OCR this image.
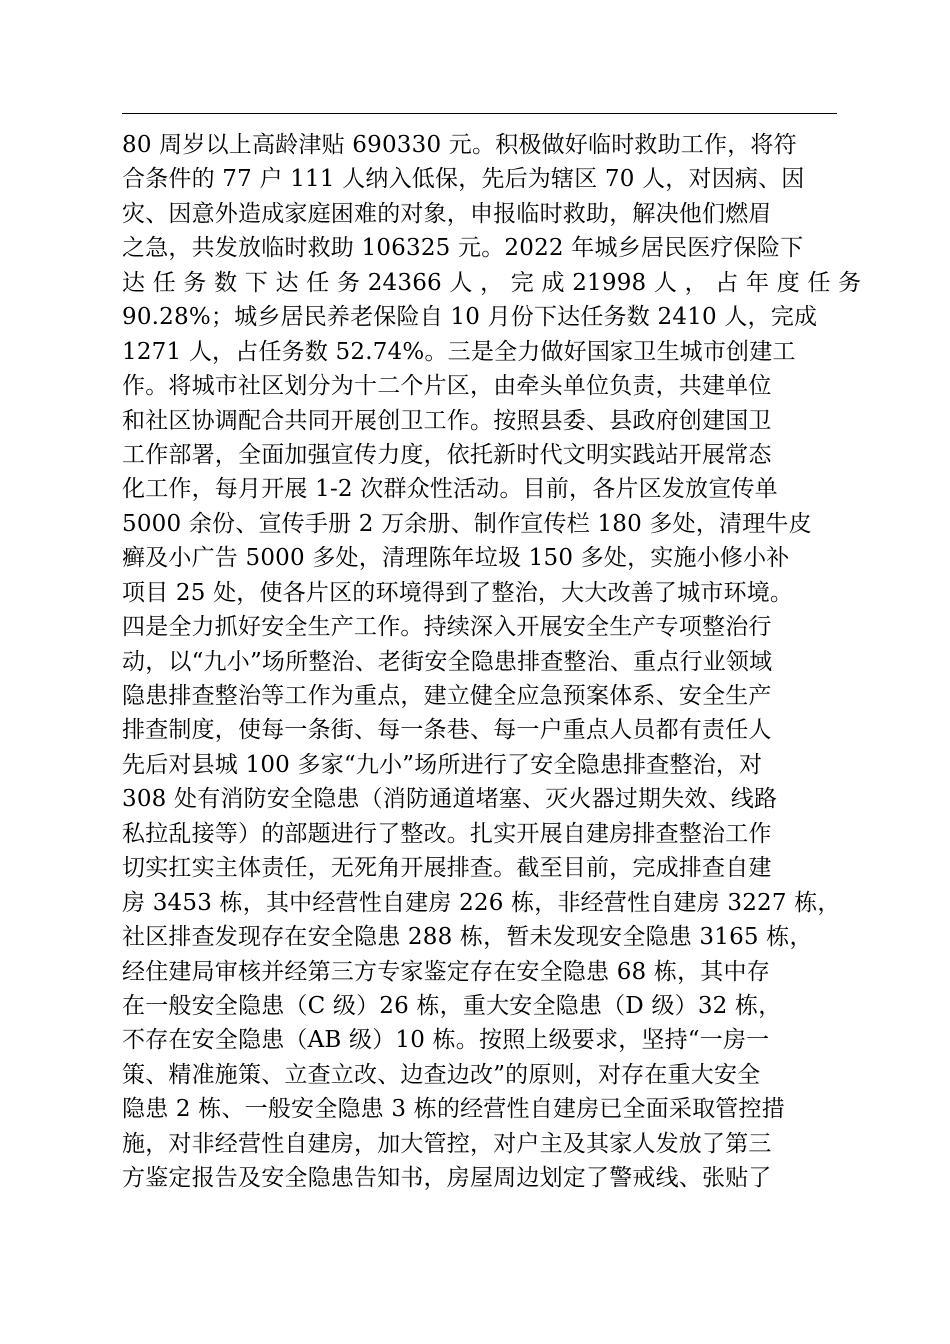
80 周岁以上高龄津贴 690330 元。积极做好临时救助工作，将符
合条件的 77 户 111 人纳入低保，先后为辖区 70 人，对因病、因
灾、因意外造成家庭困难的对象，申报临时救助，解决他们燃眉
之急，共发放临时救助 106325 元。2022 年城乡居民医疗保险下
达 任 务 数 下 达 任 务 24366 人 ， 完 成 21998 人 ， 占 年 度 任 务
90.28%；城乡居民养老保险自 10 月份下达任务数 2410 人，完成
1271 人，占任务数 52.74%。三是全力做好国家卫生城市创建工
作。将城市社区划分为十二个片区，由牵头单位负责，共建单位
和社区协调配合共同开展创卫工作。按照县委、县政府创建国卫
工作部署，全面加强宣传力度，依托新时代文明实践站开展常态
化工作，每月开展 1-2 次群众性活动。目前，各片区发放宣传单
5000 余份、宣传手册 2 万余册、制作宣传栏 180 多处，清理牛皮
癣及小广告 5000 多处，清理陈年垃圾 150 多处，实施小修小补
项目 25 处，使各片区的环境得到了整治，大大改善了城市环境。
四是全力抓好安全生产工作。持续深入开展安全生产专项整治行
动，以“九小”场所整治、老街安全隐患排查整治、重点行业领域
隐患排查整治等工作为重点，建立健全应急预案体系、安全生产
排查制度，使每一条街、每一条巷、每一户重点人员都有责任人
先后对县城 100 多家“九小”场所进行了安全隐患排查整治，对
308 处有消防安全隐患（消防通道堵塞、灭火器过期失效、线路
私拉乱接等）的部题进行了整改。扎实开展自建房排查整治工作
切实扛实主体责任，无死角开展排查。截至目前，完成排查自建
房 3453 栋，其中经营性自建房 226 栋，非经营性自建房 3227 栋，
社区排查发现存在安全隐患 288 栋，暂未发现安全隐患 3165 栋，
经住建局审核并经第三方专家鉴定存在安全隐患 68 栋，其中存
在一般安全隐患（C 级）26 栋，重大安全隐患（D 级）32 栋，
不存在安全隐患（AB 级）10 栋。按照上级要求，坚持“一房一
策、精准施策、立查立改、边查边改”的原则，对存在重大安全
隐患 2 栋、一般安全隐患 3 栋的经营性自建房已全面采取管控措
施，对非经营性自建房，加大管控，对户主及其家人发放了第三
方鉴定报告及安全隐患告知书，房屋周边划定了警戒线、张贴了
